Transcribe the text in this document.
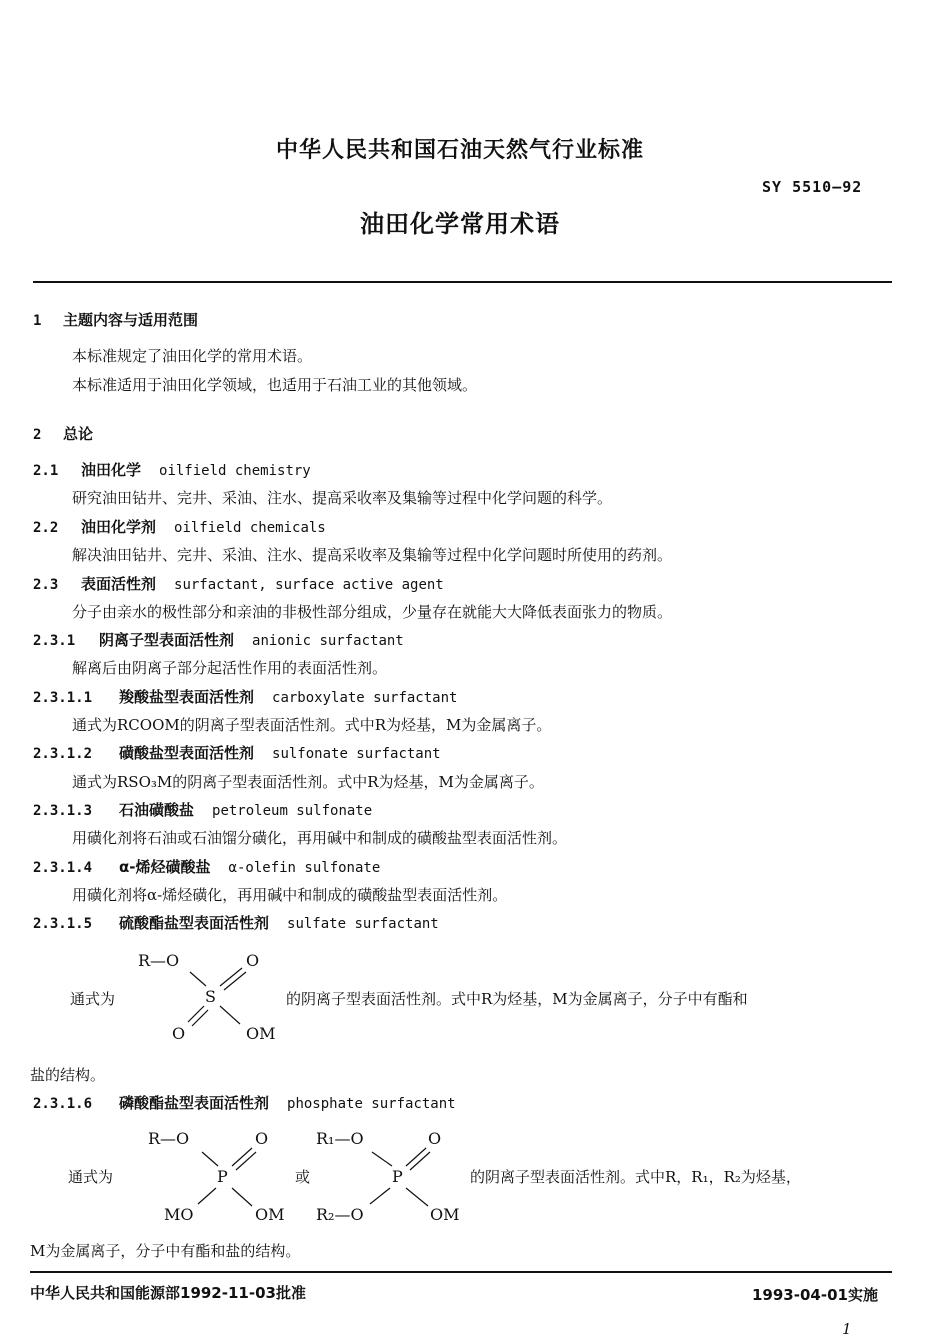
中华人民共和国石油天然气行业标准
SY 5510—92
油田化学常用术语
1 主题内容与适用范围
本标准规定了油田化学的常用术语。
本标准适用于油田化学领域，也适用于石油工业的其他领域。
2 总论
2.1 油田化学 oilfield chemistry
研究油田钻井、完井、采油、注水、提高采收率及集输等过程中化学问题的科学。
2.2 油田化学剂 oilfield chemicals
解决油田钻井、完井、采油、注水、提高采收率及集输等过程中化学问题时所使用的药剂。
2.3 表面活性剂 surfactant, surface active agent
分子由亲水的极性部分和亲油的非极性部分组成，少量存在就能大大降低表面张力的物质。
2.3.1 阴离子型表面活性剂 anionic surfactant
解离后由阴离子部分起活性作用的表面活性剂。
2.3.1.1 羧酸盐型表面活性剂 carboxylate surfactant
通式为RCOOM的阴离子型表面活性剂。式中R为烃基，M为金属离子。
2.3.1.2 磺酸盐型表面活性剂 sulfonate surfactant
通式为RSO₃M的阴离子型表面活性剂。式中R为烃基，M为金属离子。
2.3.1.3 石油磺酸盐 petroleum sulfonate
用磺化剂将石油或石油馏分磺化，再用碱中和制成的磺酸盐型表面活性剂。
2.3.1.4 α-烯烃磺酸盐 α-olefin sulfonate
用磺化剂将α-烯烃磺化，再用碱中和制成的磺酸盐型表面活性剂。
2.3.1.5 硫酸酯盐型表面活性剂 sulfate surfactant
通式为
R—O	O
S
O	OM
的阴离子型表面活性剂。式中R为烃基，M为金属离子，分子中有酯和
盐的结构。
2.3.1.6 磷酸酯盐型表面活性剂 phosphate surfactant
通式为
R—O	O
P
MO	OM
或
R₁—O	O
P
R₂—O	OM
的阴离子型表面活性剂。式中R，R₁，R₂为烃基，
M为金属离子，分子中有酯和盐的结构。
中华人民共和国能源部1992-11-03批准	1993-04-01实施
1
